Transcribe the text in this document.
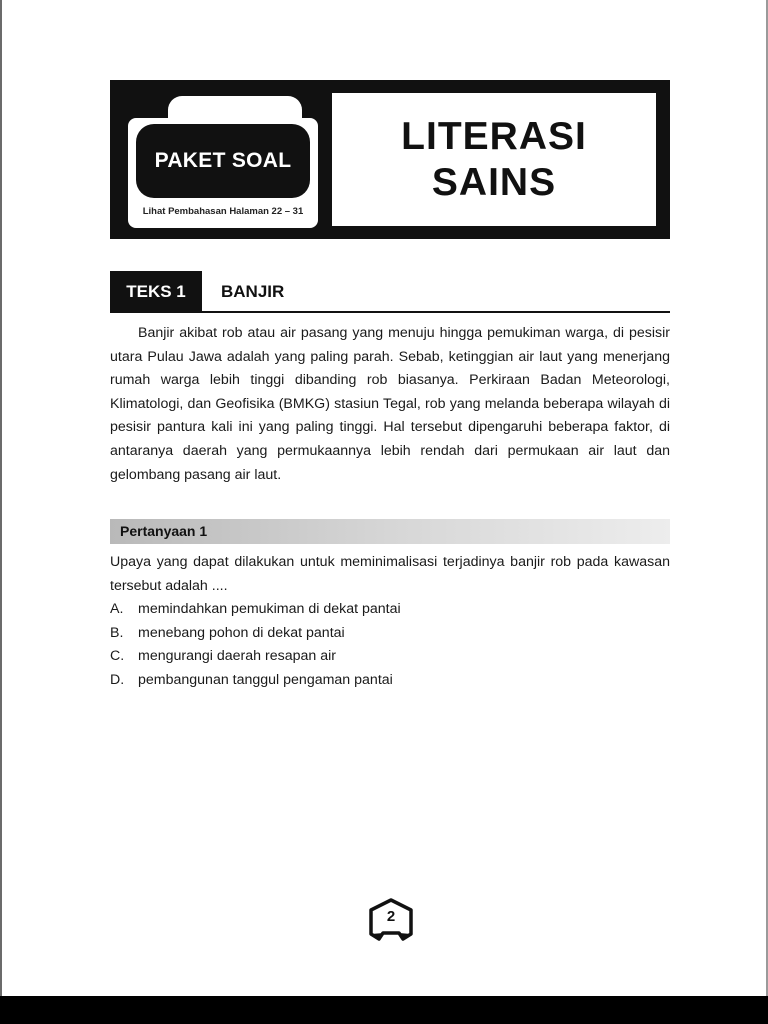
PAKET SOAL
Lihat Pembahasan Halaman 22 – 31
LITERASI
SAINS
TEKS 1	BANJIR

Banjir akibat rob atau air pasang yang menuju hingga pemukiman warga, di pesisir utara Pulau Jawa adalah yang paling parah. Sebab, ketinggian air laut yang menerjang rumah warga lebih tinggi dibanding rob biasanya. Perkiraan Badan Meteorologi, Klimatologi, dan Geofisika (BMKG) stasiun Tegal, rob yang melanda beberapa wilayah di pesisir pantura kali ini yang paling tinggi. Hal tersebut dipengaruhi beberapa faktor, di antaranya daerah yang permukaannya lebih rendah dari permukaan air laut dan gelombang pasang air laut.

Pertanyaan 1

Upaya yang dapat dilakukan untuk meminimalisasi terjadinya banjir rob pada kawasan tersebut adalah ....

A.	memindahkan pemukiman di dekat pantai
B.	menebang pohon di dekat pantai
C. mengurangi daerah resapan air
D. pembangunan tanggul pengaman pantai
2
